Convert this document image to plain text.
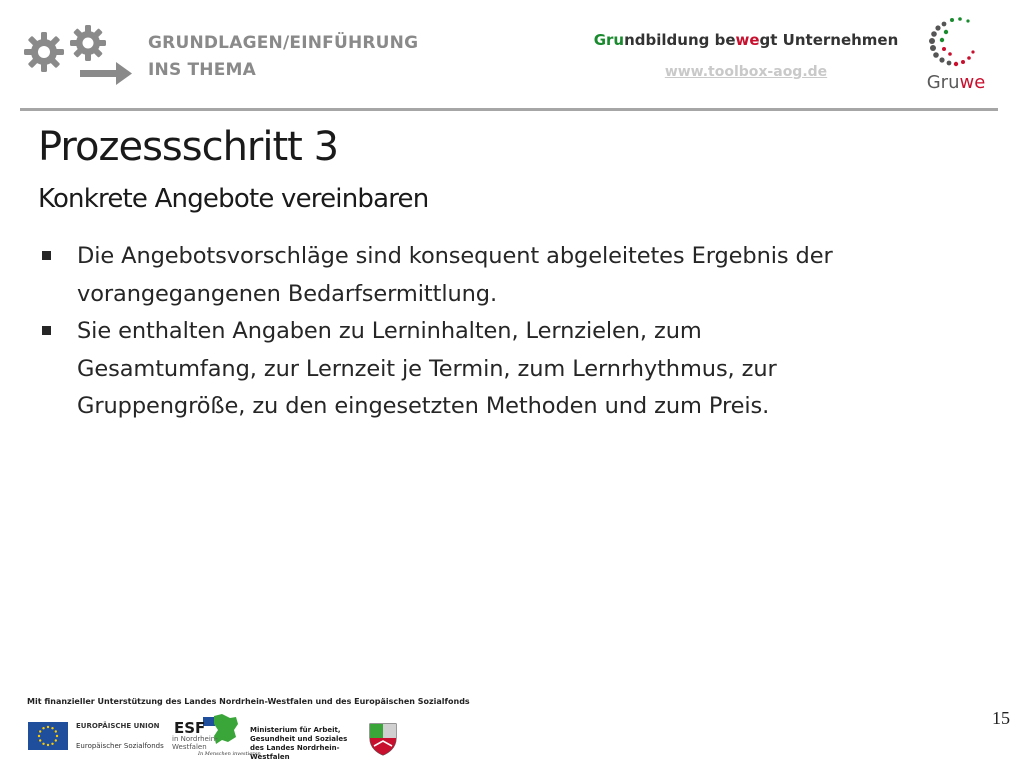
GRUNDLAGEN/EINFÜHRUNG
INS THEMA
Grundbildung bewegt Unternehmen
www.toolbox-aog.de	Gruwe
Prozessschritt 3
Konkrete Angebote vereinbaren
Die Angebotsvorschläge sind konsequent abgeleitetes Ergebnis der
vorangegangenen Bedarfsermittlung.
Sie enthalten Angaben zu Lerninhalten, Lernzielen, zum
Gesamtumfang, zur Lernzeit je Termin, zum Lernrhythmus, zur
Gruppengröße, zu den eingesetzten Methoden und zum Preis.
Mit finanzieller Unterstützung des Landes Nordrhein-Westfalen und des Europäischen Sozialfonds
EUROPÄISCHE UNION
Europäischer Sozialfonds
ESF
in Nordrhein-
Westfalen
In Menschen investieren
Ministerium für Arbeit,
Gesundheit und Soziales
des Landes Nordrhein-Westfalen
15
